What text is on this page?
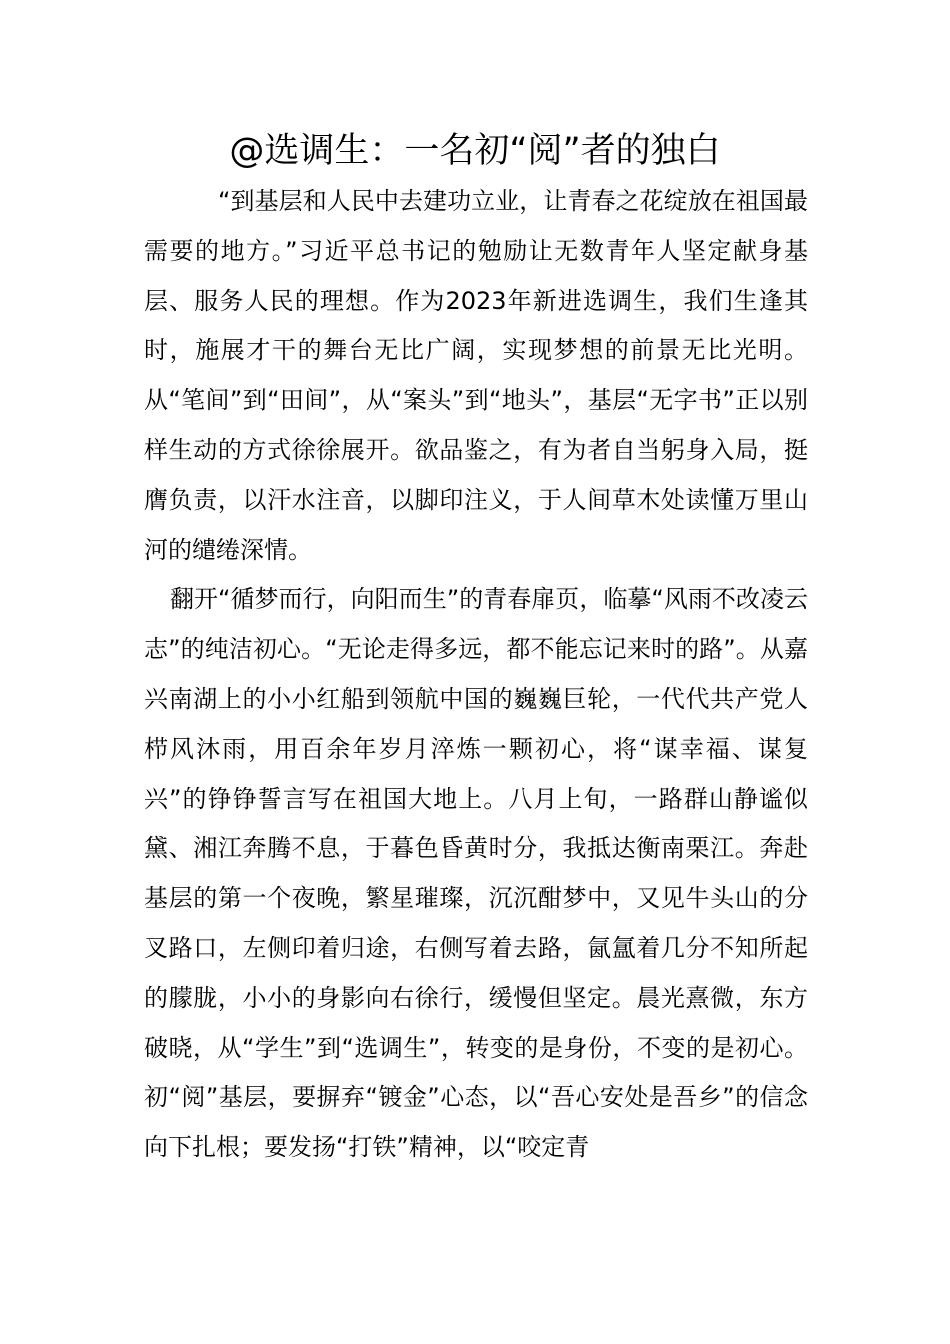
@选调生：一名初“阅”者的独白

“到基层和人民中去建功立业，让青春之花绽放在祖国最需要的地方。”习近平总书记的勉励让无数青年人坚定献身基层、服务人民的理想。作为2023年新进选调生，我们生逢其时，施展才干的舞台无比广阔，实现梦想的前景无比光明。从“笔间”到“田间”，从“案头”到“地头”，基层“无字书”正以别样生动的方式徐徐展开。欲品鉴之，有为者自当躬身入局，挺膺负责，以汗水注音，以脚印注义，于人间草木处读懂万里山河的缱绻深情。

翻开“循梦而行，向阳而生”的青春扉页，临摹“风雨不改凌云志”的纯洁初心。“无论走得多远，都不能忘记来时的路”。从嘉兴南湖上的小小红船到领航中国的巍巍巨轮，一代代共产党人栉风沐雨，用百余年岁月淬炼一颗初心，将“谋幸福、谋复兴”的铮铮誓言写在祖国大地上。八月上旬，一路群山静谧似黛、湘江奔腾不息，于暮色昏黄时分，我抵达衡南栗江。奔赴基层的第一个夜晚，繁星璀璨，沉沉酣梦中，又见牛头山的分叉路口，左侧印着归途，右侧写着去路，氤氲着几分不知所起的朦胧，小小的身影向右徐行，缓慢但坚定。晨光熹微，东方破晓，从“学生”到“选调生”，转变的是身份，不变的是初心。初“阅”基层，要摒弃“镀金”心态，以“吾心安处是吾乡”的信念向下扎根；要发扬“打铁”精神，以“咬定青
